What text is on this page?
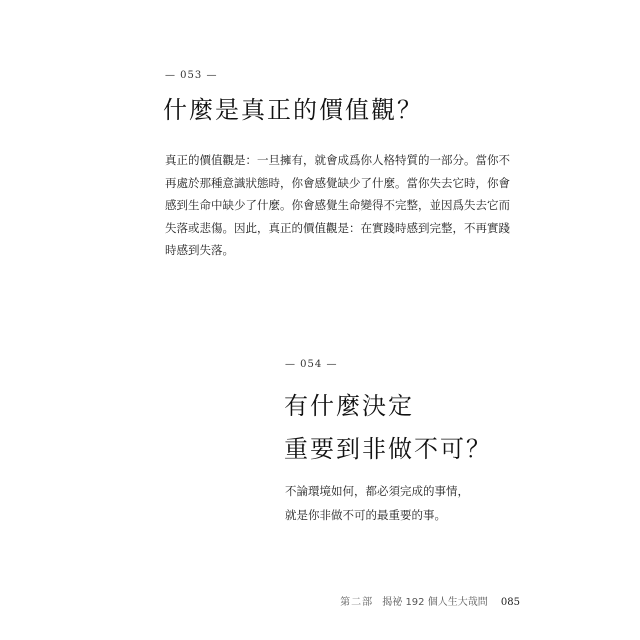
— 053 —
什麼是真正的價值觀？

真正的價值觀是：一旦擁有，就會成爲你人格特質的一部分。當你不

再處於那種意識狀態時，你會感覺缺少了什麼。當你失去它時，你會

感到生命中缺少了什麼。你會感覺生命變得不完整，並因爲失去它而

失落或悲傷。因此，真正的價值觀是：在實踐時感到完整，不再實踐

時感到失落。

— 054 —
有什麼決定
重要到非做不可？

不論環境如何，都必須完成的事情，

就是你非做不可的最重要的事。

第二部 揭祕 192 個人生大哉問 085
